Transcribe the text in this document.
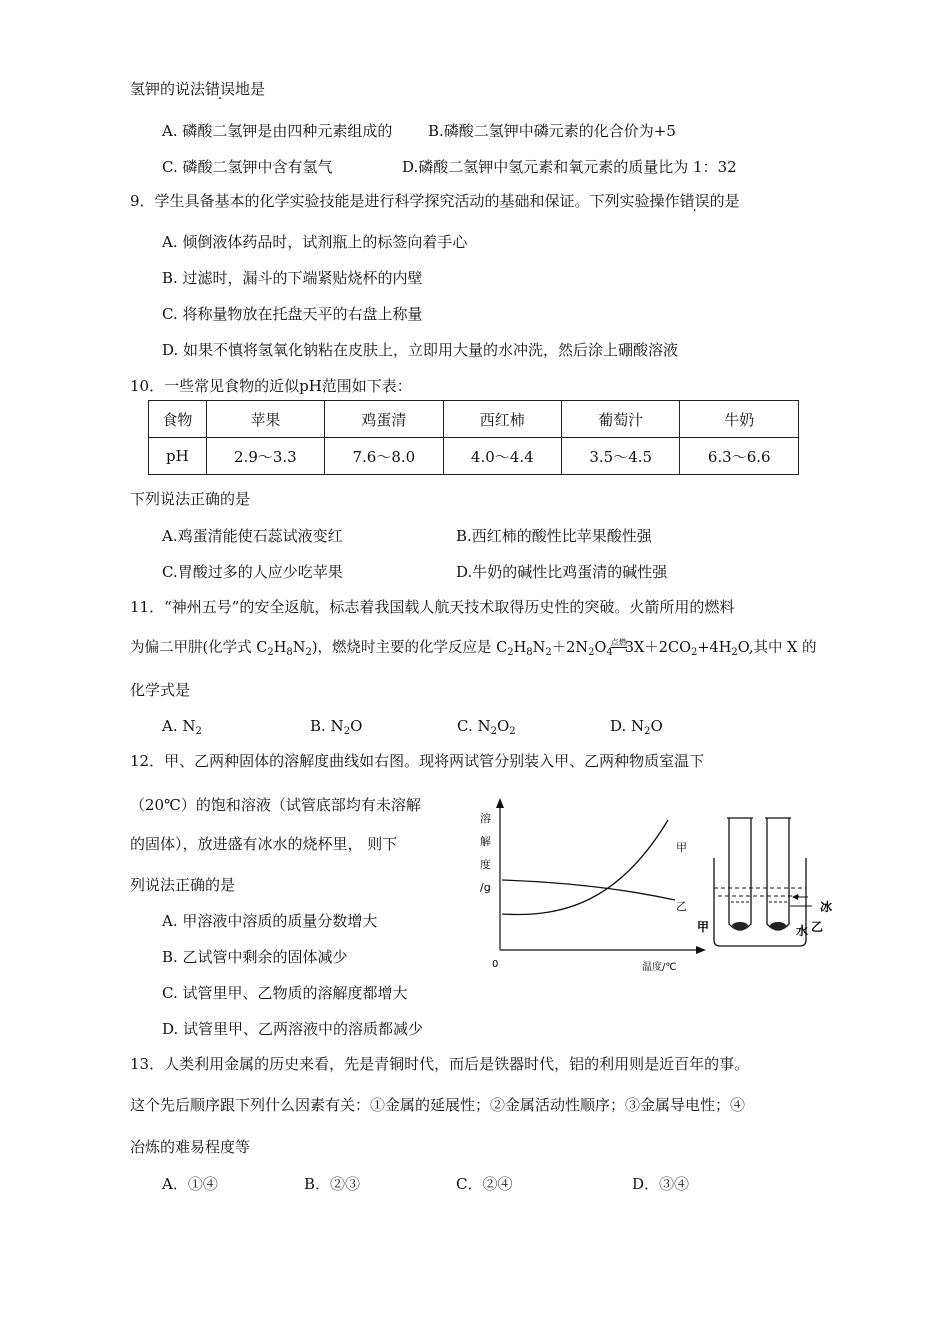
氢钾的说法错误地是
A. 磷酸二氢钾是由四种元素组成的 B.磷酸二氢钾中磷元素的化合价为+5
C. 磷酸二氢钾中含有氢气	D.磷酸二氢钾中氢元素和氧元素的质量比为 1：32
9．学生具备基本的化学实验技能是进行科学探究活动的基础和保证。下列实验操作错误的是
A. 倾倒液体药品时，试剂瓶上的标签向着手心
B. 过滤时，漏斗的下端紧贴烧杯的内壁
C. 将称量物放在托盘天平的右盘上称量
D. 如果不慎将氢氧化钠粘在皮肤上，立即用大量的水冲洗，然后涂上硼酸溶液
10．一些常见食物的近似pH范围如下表：
食物	苹果	鸡蛋清	西红柿	葡萄汁	牛奶
pH	2.9～3.3	7.6～8.0	4.0～4.4	3.5～4.5	6.3～6.6
下列说法正确的是
A.鸡蛋清能使石蕊试液变红	B.西红柿的酸性比苹果酸性强
C.胃酸过多的人应少吃苹果	D.牛奶的碱性比鸡蛋清的碱性强
11．“神州五号”的安全返航，标志着我国载人航天技术取得历史性的突破。火箭所用的燃料
为偏二甲肼(化学式 $C_2H_8N_2$)，燃烧时主要的化学反应是 $C_2H_8N_2+2N_2O_4$点燃$3X+2CO_2+4H_2O$,其中 X 的
化学式是
A. $N_2$	B. $N_2O$	C. $N_2O_2$	D. $N_2O$
12．甲、乙两种固体的溶解度曲线如右图。现将两试管分别装入甲、乙两种物质室温下
（20℃）的饱和溶液（试管底部均有未溶解
的固体），放进盛有冰水的烧杯里， 则下
列说法正确的是
A. 甲溶液中溶质的质量分数增大
B. 乙试管中剩余的固体减少
C. 试管里甲、乙物质的溶解度都增大
D. 试管里甲、乙两溶液中的溶质都减少
溶
解
度
/g
0	温度/℃
甲
乙
甲	乙
冰
水
13．人类利用金属的历史来看，先是青铜时代，而后是铁器时代，铝的利用则是近百年的事。
这个先后顺序跟下列什么因素有关：①金属的延展性；②金属活动性顺序；③金属导电性；④
冶炼的难易程度等
A．①④	B．②③	C．②④	D．③④
